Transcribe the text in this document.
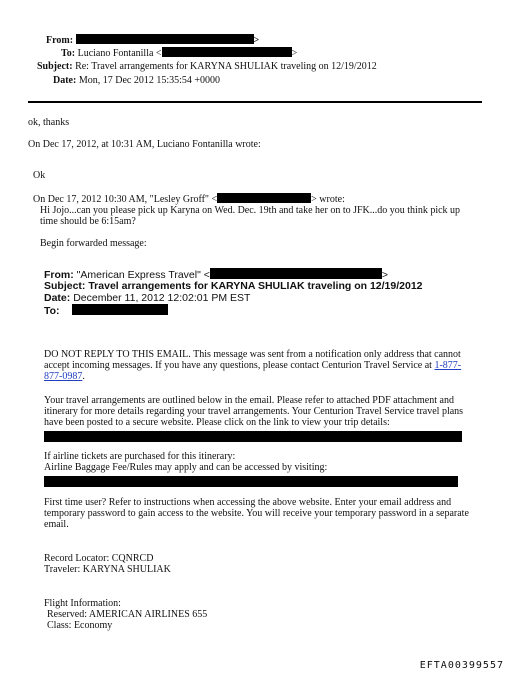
From:	>
To: Luciano Fontanilla <	>
Subject: Re: Travel arrangements for KARYNA SHULIAK traveling on 12/19/2012
Date: Mon, 17 Dec 2012 15:35:54 +0000
ok, thanks
On Dec 17, 2012, at 10:31 AM, Luciano Fontanilla wrote:
Ok
On Dec 17, 2012 10:30 AM, "Lesley Groff" <	> wrote:
Hi Jojo...can you please pick up Karyna on Wed. Dec. 19th and take her on to JFK...do you think pick up
time should be 6:15am?
Begin forwarded message:
From: "American Express Travel" <	>
Subject: Travel arrangements for KARYNA SHULIAK traveling on 12/19/2012
Date: December 11, 2012 12:02:01 PM EST
To:
DO NOT REPLY TO THIS EMAIL. This message was sent from a notification only address that cannot
accept incoming messages. If you have any questions, please contact Centurion Travel Service at 1-877-
877-0987.
Your travel arrangements are outlined below in the email. Please refer to attached PDF attachment and
itinerary for more details regarding your travel arrangements. Your Centurion Travel Service travel plans
have been posted to a secure website. Please click on the link to view your trip details:
If airline tickets are purchased for this itinerary:
Airline Baggage Fee/Rules may apply and can be accessed by visiting:
First time user? Refer to instructions when accessing the above website. Enter your email address and
temporary password to gain access to the website. You will receive your temporary password in a separate
email.
Record Locator: CQNRCD
Traveler: KARYNA SHULIAK
Flight Information:
Reserved: AMERICAN AIRLINES 655
Class: Economy
EFTA00399557
